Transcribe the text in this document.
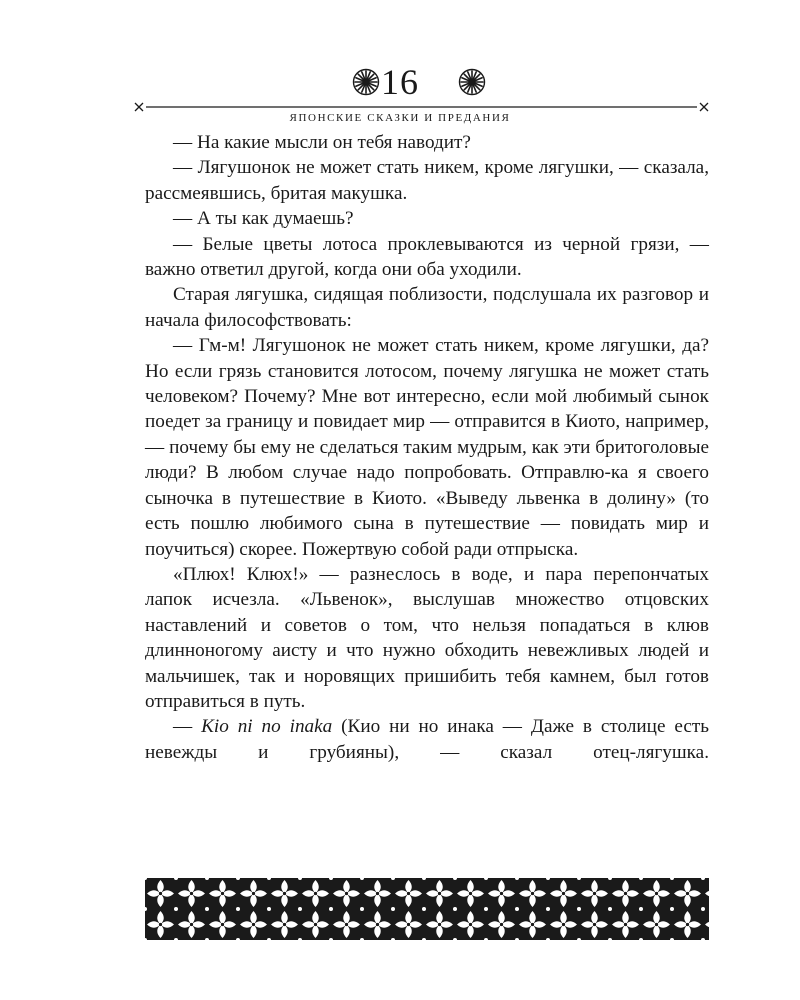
16
ЯПОНСКИЕ СКАЗКИ И ПРЕДАНИЯ

— На какие мысли он тебя наводит?

— Лягушонок не может стать никем, кроме лягушки, — сказала, рассмеявшись, бритая макушка.

— А ты как думаешь?

— Белые цветы лотоса проклевываются из черной грязи, — важно ответил другой, когда они оба уходили.

Старая лягушка, сидящая поблизости, подслушала их разговор и начала философствовать:

— Гм-м! Лягушонок не может стать никем, кроме лягушки, да? Но если грязь становится лотосом, почему лягушка не может стать человеком? Почему? Мне вот интересно, если мой любимый сынок поедет за границу и повидает мир — отправится в Киото, например, — почему бы ему не сделаться таким мудрым, как эти бритоголовые люди? В любом случае надо попробовать. Отправлю-ка я своего сыночка в путешествие в Киото. «Выведу львенка в долину» (то есть пошлю любимого сына в путешествие — повидать мир и поучиться) скорее. Пожертвую собой ради отпрыска.

«Плюх! Клюх!» — разнеслось в воде, и пара перепончатых лапок исчезла. «Львенок», выслушав множество отцовских наставлений и советов о том, что нельзя попадаться в клюв длинноногому аисту и что нужно обходить невежливых людей и мальчишек, так и норовящих пришибить тебя камнем, был готов отправиться в путь.

— Kio ni no inaka (Кио ни но инака — Даже в столице есть невежды и грубияны), — сказал отец-лягушка.
